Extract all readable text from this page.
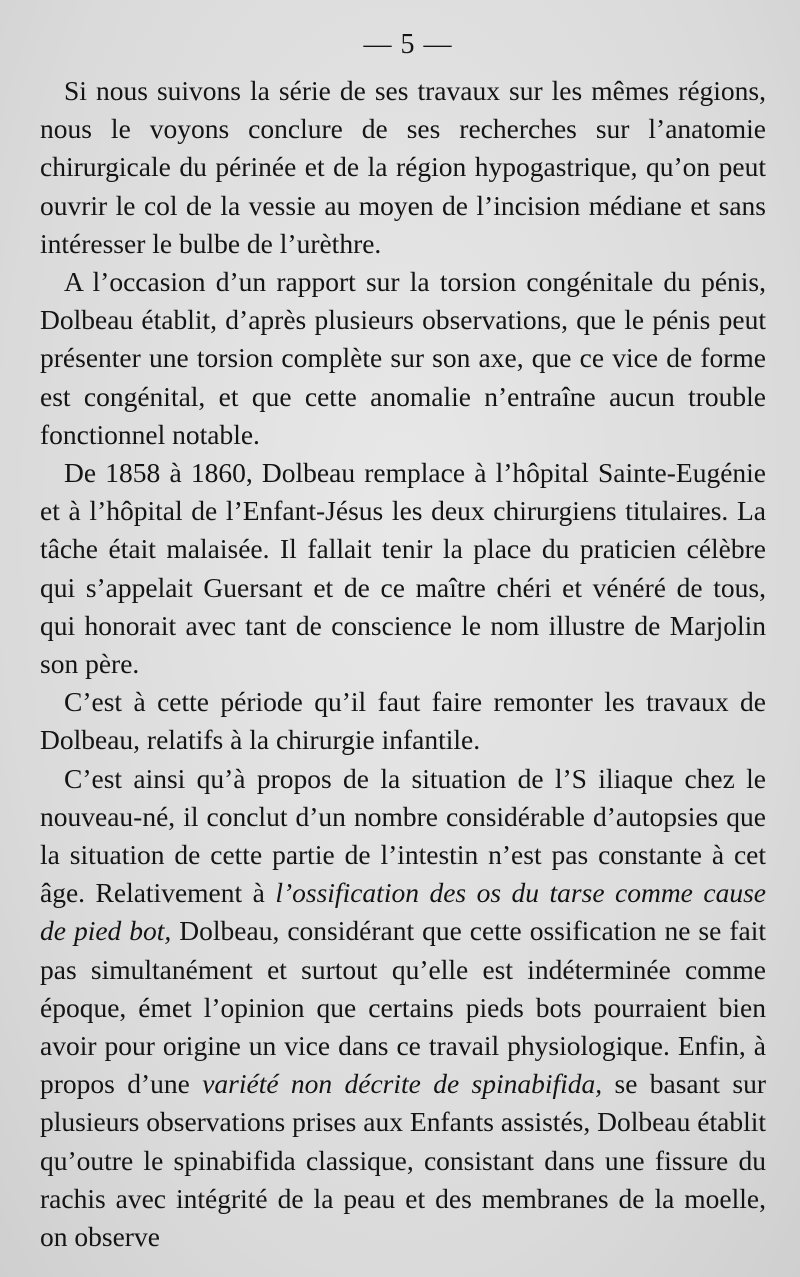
— 5 —

Si nous suivons la série de ses travaux sur les mêmes régions, nous le voyons conclure de ses recherches sur l’anatomie chirurgicale du périnée et de la région hypogastrique, qu’on peut ouvrir le col de la vessie au moyen de l’incision médiane et sans intéresser le bulbe de l’urèthre.

A l’occasion d’un rapport sur la torsion congénitale du pénis, Dolbeau établit, d’après plusieurs observations, que le pénis peut présenter une torsion complète sur son axe, que ce vice de forme est congénital, et que cette anomalie n’entraîne aucun trouble fonctionnel notable.

De 1858 à 1860, Dolbeau remplace à l’hôpital Sainte-Eugénie et à l’hôpital de l’Enfant-Jésus les deux chirurgiens titulaires. La tâche était malaisée. Il fallait tenir la place du praticien célèbre qui s’appelait Guersant et de ce maître chéri et vénéré de tous, qui honorait avec tant de conscience le nom illustre de Marjolin son père.

C’est à cette période qu’il faut faire remonter les travaux de Dolbeau, relatifs à la chirurgie infantile.

C’est ainsi qu’à propos de la situation de l’S iliaque chez le nouveau-né, il conclut d’un nombre considérable d’autopsies que la situation de cette partie de l’intestin n’est pas constante à cet âge. Relativement à l’ossification des os du tarse comme cause de pied bot, Dolbeau, considérant que cette ossification ne se fait pas simultanément et surtout qu’elle est indéterminée comme époque, émet l’opinion que certains pieds bots pourraient bien avoir pour origine un vice dans ce travail physiologique. Enfin, à propos d’une variété non décrite de spinabifida, se basant sur plusieurs observations prises aux Enfants assistés, Dolbeau établit qu’outre le spinabifida classique, consistant dans une fissure du rachis avec intégrité de la peau et des membranes de la moelle, on observe
